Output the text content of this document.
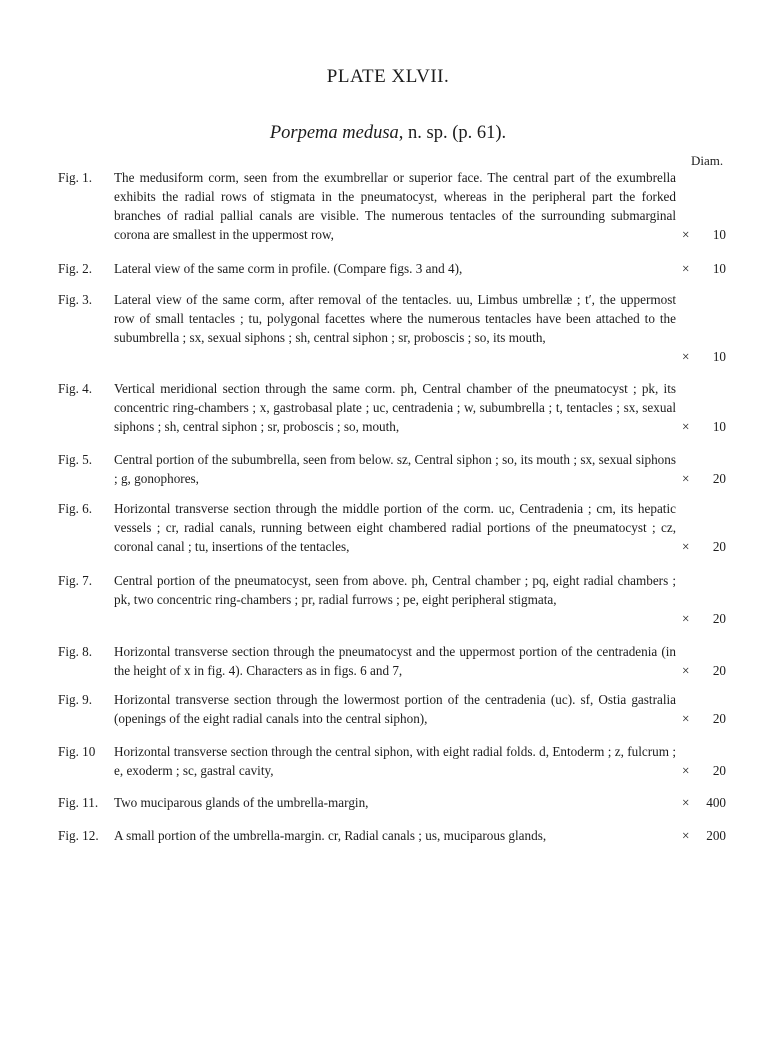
PLATE XLVII.
Porpema medusa, n. sp. (p. 61).
Diam.
Fig. 1.	The medusiform corm, seen from the exumbrellar or superior face. The central part of the exumbrella exhibits the radial rows of stigmata in the pneumatocyst, whereas in the peripheral part the forked branches of radial pallial canals are visible. The numerous tentacles of the surrounding submarginal corona are smallest in the uppermost row,	×	10
Fig. 2.	Lateral view of the same corm in profile. (Compare figs. 3 and 4),	×	10
Fig. 3.	Lateral view of the same corm, after removal of the tentacles. uu, Limbus umbrellæ ; t′, the uppermost row of small tentacles ; tu, polygonal facettes where the numerous tentacles have been attached to the subumbrella ; sx, sexual siphons ; sh, central siphon ; sr, proboscis ; so, its mouth,
×	10
Fig. 4.	Vertical meridional section through the same corm. ph, Central chamber of the pneumatocyst ; pk, its concentric ring-chambers ; x, gastrobasal plate ; uc, centradenia ; w, subumbrella ; t, tentacles ; sx, sexual siphons ; sh, central siphon ; sr, proboscis ; so, mouth,	×	10
Fig. 5.	Central portion of the subumbrella, seen from below. sz, Central siphon ; so, its mouth ; sx, sexual siphons ; g, gonophores,	×	20
Fig. 6.	Horizontal transverse section through the middle portion of the corm. uc, Centradenia ; cm, its hepatic vessels ; cr, radial canals, running between eight chambered radial portions of the pneumatocyst ; cz, coronal canal ; tu, insertions of the tentacles,	×	20
Fig. 7.	Central portion of the pneumatocyst, seen from above. ph, Central chamber ; pq, eight radial chambers ; pk, two concentric ring-chambers ; pr, radial furrows ; pe, eight peripheral stigmata,
×	20
Fig. 8.	Horizontal transverse section through the pneumatocyst and the uppermost portion of the centradenia (in the height of x in fig. 4). Characters as in figs. 6 and 7,	×	20
Fig. 9.	Horizontal transverse section through the lowermost portion of the centradenia (uc). sf, Ostia gastralia (openings of the eight radial canals into the central siphon),	×	20
Fig. 10	Horizontal transverse section through the central siphon, with eight radial folds. d, Entoderm ; z, fulcrum ; e, exoderm ; sc, gastral cavity,	×	20
Fig. 11.	Two muciparous glands of the umbrella-margin,	×	400
Fig. 12.	A small portion of the umbrella-margin. cr, Radial canals ; us, muciparous glands,	×	200
